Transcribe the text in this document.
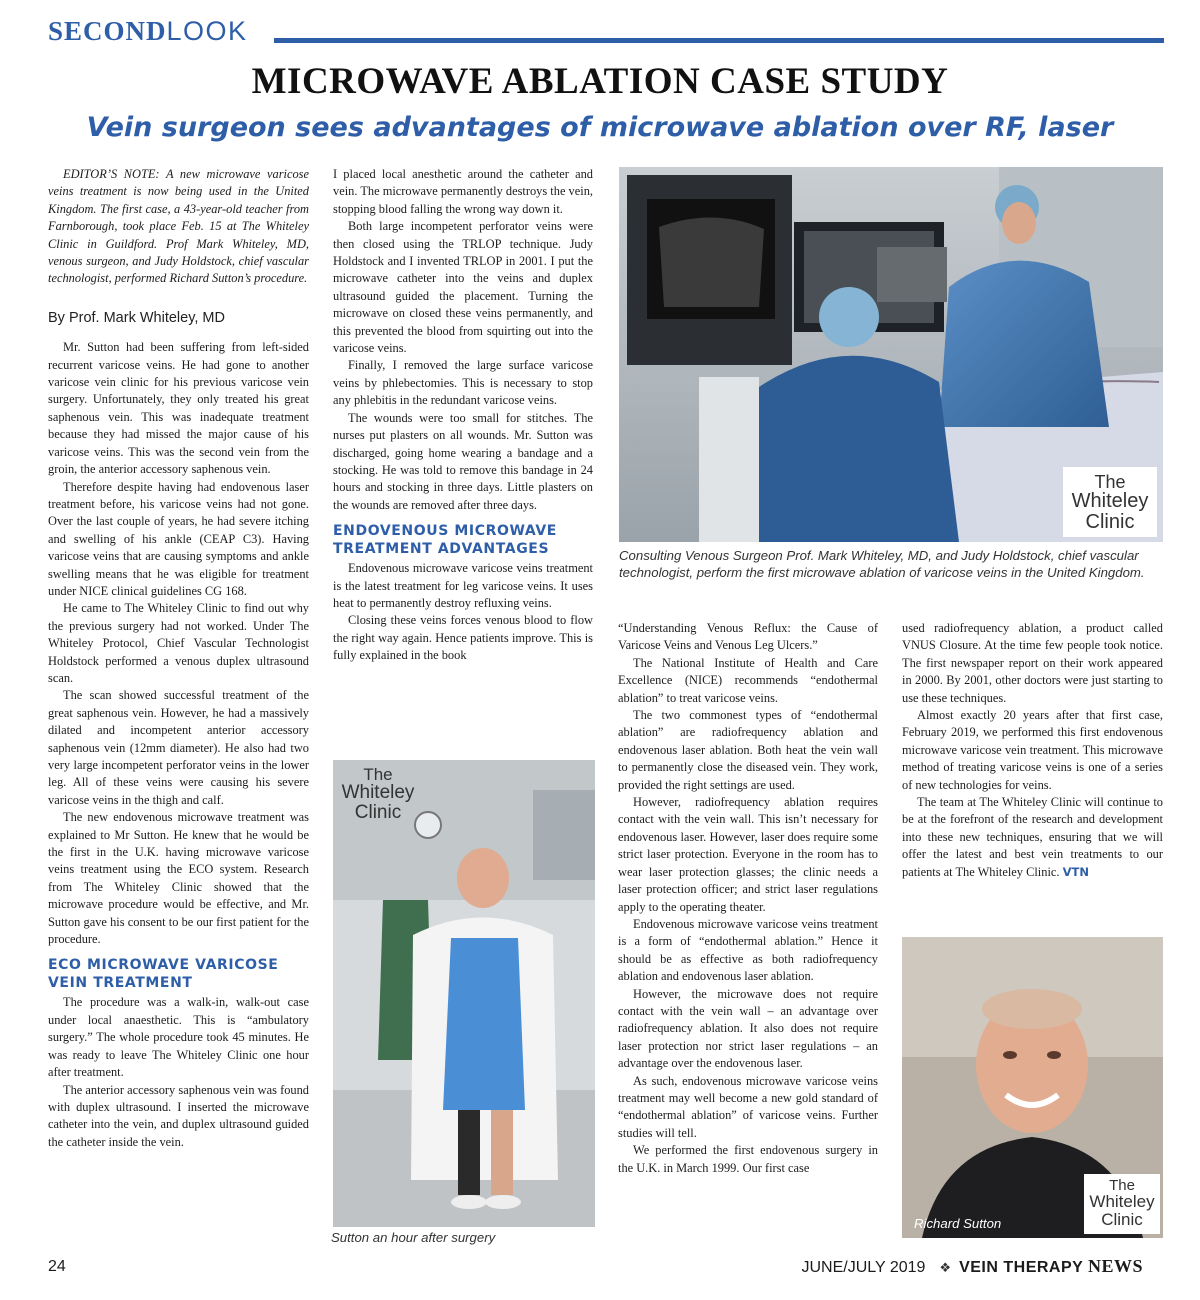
SECONDLOOK
MICROWAVE ABLATION CASE STUDY
Vein surgeon sees advantages of microwave ablation over RF, laser

EDITOR’S NOTE: A new microwave varicose veins treatment is now being used in the United Kingdom. The first case, a 43-year-old teacher from Farnborough, took place Feb. 15 at The Whiteley Clinic in Guildford. Prof Mark Whiteley, MD, venous surgeon, and Judy Holdstock, chief vascular technologist, performed Richard Sutton’s procedure.

By Prof. Mark Whiteley, MD

Mr. Sutton had been suffering from left-sided recurrent varicose veins. He had gone to another varicose vein clinic for his previous varicose vein surgery. Unfortunately, they only treated his great saphenous vein. This was inadequate treatment because they had missed the major cause of his varicose veins. This was the second vein from the groin, the anterior accessory saphenous vein.

Therefore despite having had endovenous laser treatment before, his varicose veins had not gone. Over the last couple of years, he had severe itching and swelling of his ankle (CEAP C3). Having varicose veins that are causing symptoms and ankle swelling means that he was eligible for treatment under NICE clinical guidelines CG 168.

He came to The Whiteley Clinic to find out why the previous surgery had not worked. Under The Whiteley Protocol, Chief Vascular Technologist Holdstock performed a venous duplex ultrasound scan.

The scan showed successful treatment of the great saphenous vein. However, he had a massively dilated and incompetent anterior accessory saphenous vein (12mm diameter). He also had two very large incompetent perforator veins in the lower leg. All of these veins were causing his severe varicose veins in the thigh and calf.

The new endovenous microwave treatment was explained to Mr Sutton. He knew that he would be the first in the U.K. having microwave varicose veins treatment using the ECO system. Research from The Whiteley Clinic showed that the microwave procedure would be effective, and Mr. Sutton gave his consent to be our first patient for the procedure.

ECO MICROWAVE VARICOSE VEIN TREATMENT

The procedure was a walk-in, walk-out case under local anaesthetic. This is “ambulatory surgery.” The whole procedure took 45 minutes. He was ready to leave The Whiteley Clinic one hour after treatment.

The anterior accessory saphenous vein was found with duplex ultrasound. I inserted the microwave catheter into the vein, and duplex ultrasound guided the catheter inside the vein.

I placed local anesthetic around the catheter and vein. The microwave permanently destroys the vein, stopping blood falling the wrong way down it.

Both large incompetent perforator veins were then closed using the TRLOP technique. Judy Holdstock and I invented TRLOP in 2001. I put the microwave catheter into the veins and duplex ultrasound guided the placement. Turning the microwave on closed these veins permanently, and this prevented the blood from squirting out into the varicose veins.

Finally, I removed the large surface varicose veins by phlebectomies. This is necessary to stop any phlebitis in the redundant varicose veins.

The wounds were too small for stitches. The nurses put plasters on all wounds. Mr. Sutton was discharged, going home wearing a bandage and a stocking. He was told to remove this bandage in 24 hours and stocking in three days. Little plasters on the wounds are removed after three days.

ENDOVENOUS MICROWAVE TREATMENT ADVANTAGES

Endovenous microwave varicose veins treatment is the latest treatment for leg varicose veins. It uses heat to permanently destroy refluxing veins.

Closing these veins forces venous blood to flow the right way again. Hence patients improve. This is fully explained in the book

The
Whiteley
Clinic
Consulting Venous Surgeon Prof. Mark Whiteley, MD, and Judy Holdstock, chief vascular technologist, perform the first microwave ablation of varicose veins in the United Kingdom.
The
Whiteley
Clinic
Sutton an hour after surgery

“Understanding Venous Reflux: the Cause of Varicose Veins and Venous Leg Ulcers.”

The National Institute of Health and Care Excellence (NICE) recommends “endothermal ablation” to treat varicose veins.

The two commonest types of “endothermal ablation” are radiofrequency ablation and endovenous laser ablation. Both heat the vein wall to permanently close the diseased vein. They work, provided the right settings are used.

However, radiofrequency ablation requires contact with the vein wall. This isn’t necessary for endovenous laser. However, laser does require some strict laser protection. Everyone in the room has to wear laser protection glasses; the clinic needs a laser protection officer; and strict laser regulations apply to the operating theater.

Endovenous microwave varicose veins treatment is a form of “endothermal ablation.” Hence it should be as effective as both radiofrequency ablation and endovenous laser ablation.

However, the microwave does not require contact with the vein wall – an advantage over radiofrequency ablation. It also does not require laser protection nor strict laser regulations – an advantage over the endovenous laser.

As such, endovenous microwave varicose veins treatment may well become a new gold standard of “endothermal ablation” of varicose veins. Further studies will tell.

We performed the first endovenous surgery in the U.K. in March 1999. Our first case

used radiofrequency ablation, a product called VNUS Closure. At the time few people took notice. The first newspaper report on their work appeared in 2000. By 2001, other doctors were just starting to use these techniques.

Almost exactly 20 years after that first case, February 2019, we performed this first endovenous microwave varicose vein treatment. This microwave method of treating varicose veins is one of a series of new technologies for veins.

The team at The Whiteley Clinic will continue to be at the forefront of the research and development into these new techniques, ensuring that we will offer the latest and best vein treatments to our patients at The Whiteley Clinic. VTN

The
Whiteley
Clinic
Richard Sutton
24	JUNE/JULY 2019 ❖ VEIN THERAPY NEWS
